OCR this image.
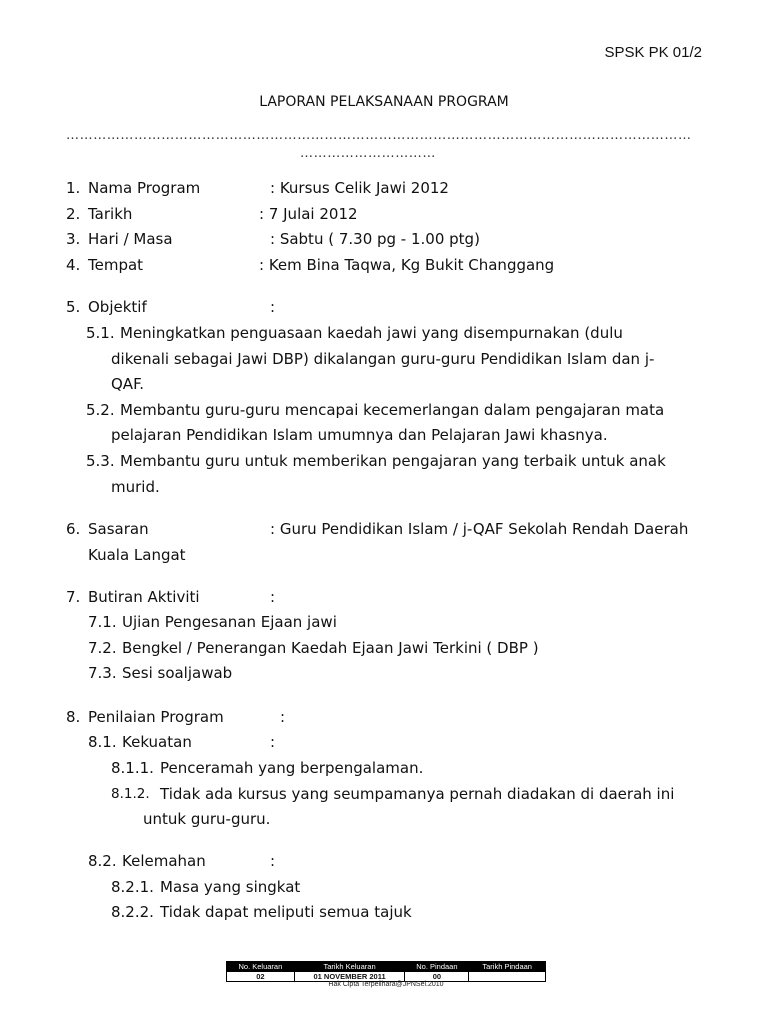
SPSK PK 01/2
LAPORAN PELAKSANAAN PROGRAM
…………………………………………………………………………………………………………………………
…………………………
1. Nama Program	: Kursus Celik Jawi 2012
2. Tarikh	: 7 Julai 2012
3. Hari / Masa	: Sabtu ( 7.30 pg - 1.00 ptg)
4. Tempat	: Kem Bina Taqwa, Kg Bukit Changgang
5. Objektif	:
5.1. Meningkatkan penguasaan kaedah jawi yang disempurnakan (dulu
dikenali sebagai Jawi DBP) dikalangan guru-guru Pendidikan Islam dan j-
QAF.
5.2. Membantu guru-guru mencapai kecemerlangan dalam pengajaran mata
pelajaran Pendidikan Islam umumnya dan Pelajaran Jawi khasnya.
5.3. Membantu guru untuk memberikan pengajaran yang terbaik untuk anak
murid.
6. Sasaran	: Guru Pendidikan Islam / j-QAF Sekolah Rendah Daerah
Kuala Langat
7. Butiran Aktiviti	:
7.1. Ujian Pengesanan Ejaan jawi
7.2. Bengkel / Penerangan Kaedah Ejaan Jawi Terkini ( DBP )
7.3. Sesi soaljawab
8. Penilaian Program	:
8.1. Kekuatan	:
8.1.1. Penceramah yang berpengalaman.
8.1.2. Tidak ada kursus yang seumpamanya pernah diadakan di daerah ini
untuk guru-guru.
8.2. Kelemahan	:
8.2.1. Masa yang singkat
8.2.2. Tidak dapat meliputi semua tajuk
No. Keluaran	Tarikh Keluaran	No. Pindaan	Tarikh Pindaan
02	01 NOVEMBER 2011	00	
Hak Cipta Terpelihara@JPNSel.2010
